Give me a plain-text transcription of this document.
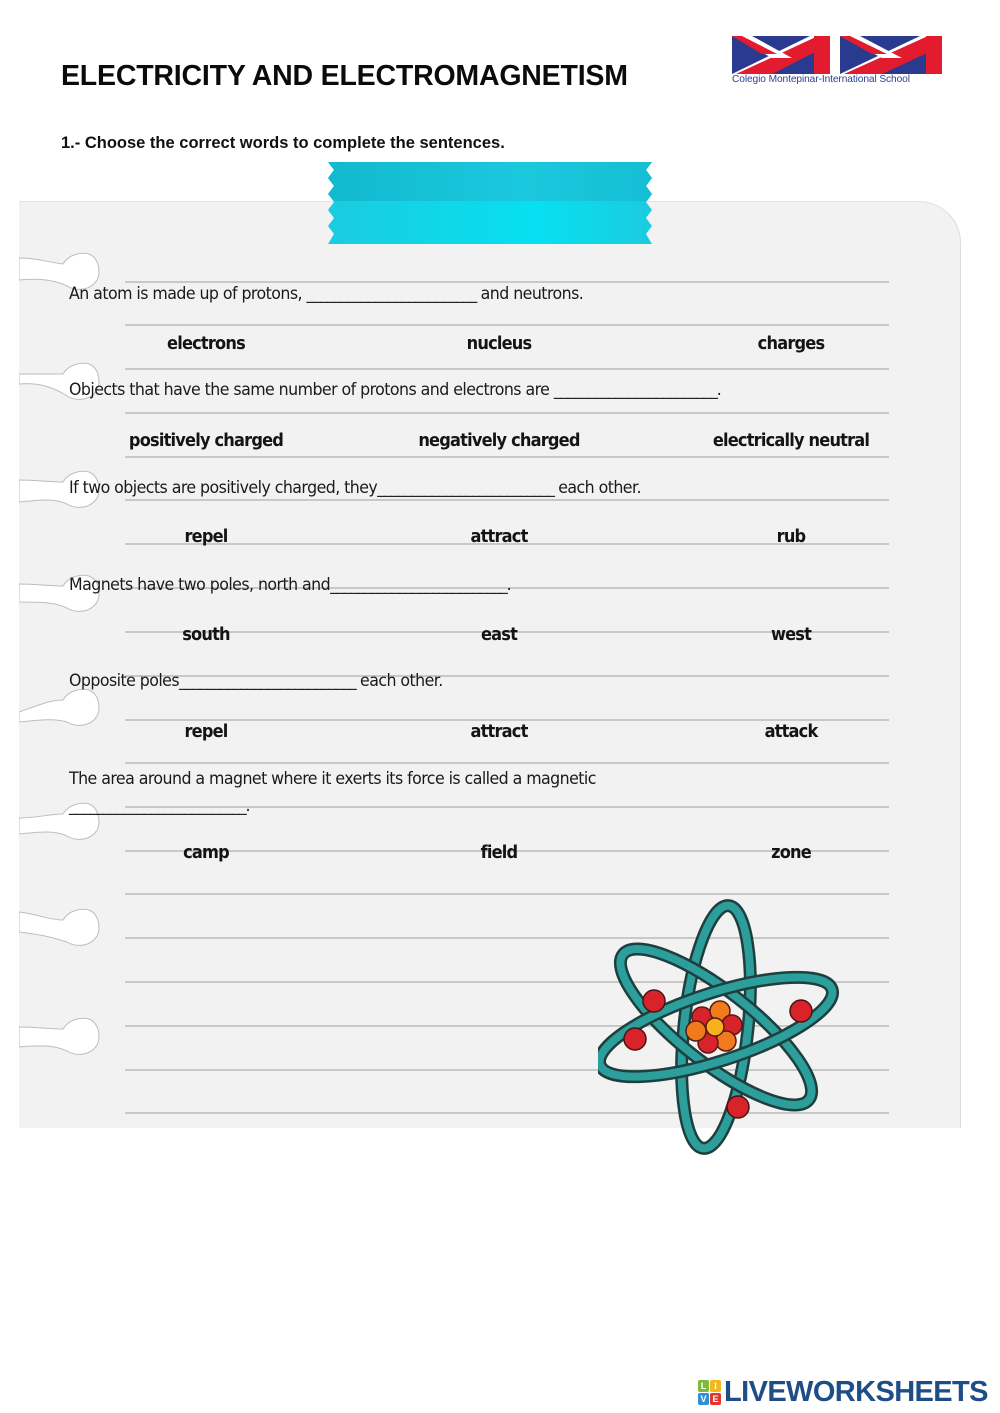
ELECTRICITY AND ELECTROMAGNETISM	Colegio Montepinar-International School
1.- Choose the correct words to complete the sentences.
An atom is made up of protons, _________________________ and neutrons.
electrons	nucleus	charges
Objects that have the same number of protons and electrons are ________________________.
positively charged	negatively charged	electrically neutral
If two objects are positively charged, they__________________________ each other.
repel	attract	rub
Magnets have two poles, north and__________________________.
south	east	west
Opposite poles__________________________ each other.
repel	attract	attack
The area around a magnet where it exerts its force is called a magnetic
__________________________.
camp	field	zone
L I
V E LIVEWORKSHEETS
